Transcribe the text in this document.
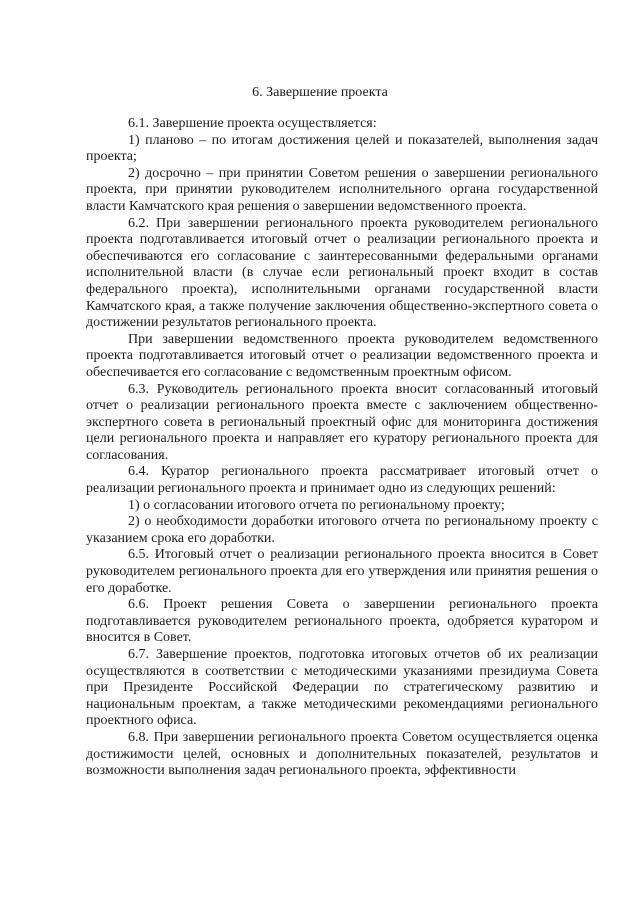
6. Завершение проекта

6.1. Завершение проекта осуществляется:

1) планово – по итогам достижения целей и показателей, выполнения задач проекта;

2) досрочно – при принятии Советом решения о завершении регионального проекта, при принятии руководителем исполнительного органа государственной власти Камчатского края решения о завершении ведомственного проекта.

6.2. При завершении регионального проекта руководителем регионального проекта подготавливается итоговый отчет о реализации регионального проекта и обеспечиваются его согласование с заинтересованными федеральными органами исполнительной власти (в случае если региональный проект входит в состав федерального проекта), исполнительными органами государственной власти Камчатского края, а также получение заключения общественно-экспертного совета о достижении результатов регионального проекта.

При завершении ведомственного проекта руководителем ведомственного проекта подготавливается итоговый отчет о реализации ведомственного проекта и обеспечивается его согласование с ведомственным проектным офисом.

6.3. Руководитель регионального проекта вносит согласованный итоговый отчет о реализации регионального проекта вместе с заключением общественно-экспертного совета в региональный проектный офис для мониторинга достижения цели регионального проекта и направляет его куратору регионального проекта для согласования.

6.4. Куратор регионального проекта рассматривает итоговый отчет о реализации регионального проекта и принимает одно из следующих решений:

1) о согласовании итогового отчета по региональному проекту;

2) о необходимости доработки итогового отчета по региональному проекту с указанием срока его доработки.

6.5. Итоговый отчет о реализации регионального проекта вносится в Совет руководителем регионального проекта для его утверждения или принятия решения о его доработке.

6.6. Проект решения Совета о завершении регионального проекта подготавливается руководителем регионального проекта, одобряется куратором и вносится в Совет.

6.7. Завершение проектов, подготовка итоговых отчетов об их реализации осуществляются в соответствии с методическими указаниями президиума Совета при Президенте Российской Федерации по стратегическому развитию и национальным проектам, а также методическими рекомендациями регионального проектного офиса.

6.8. При завершении регионального проекта Советом осуществляется оценка достижимости целей, основных и дополнительных показателей, результатов и возможности выполнения задач регионального проекта, эффективности
